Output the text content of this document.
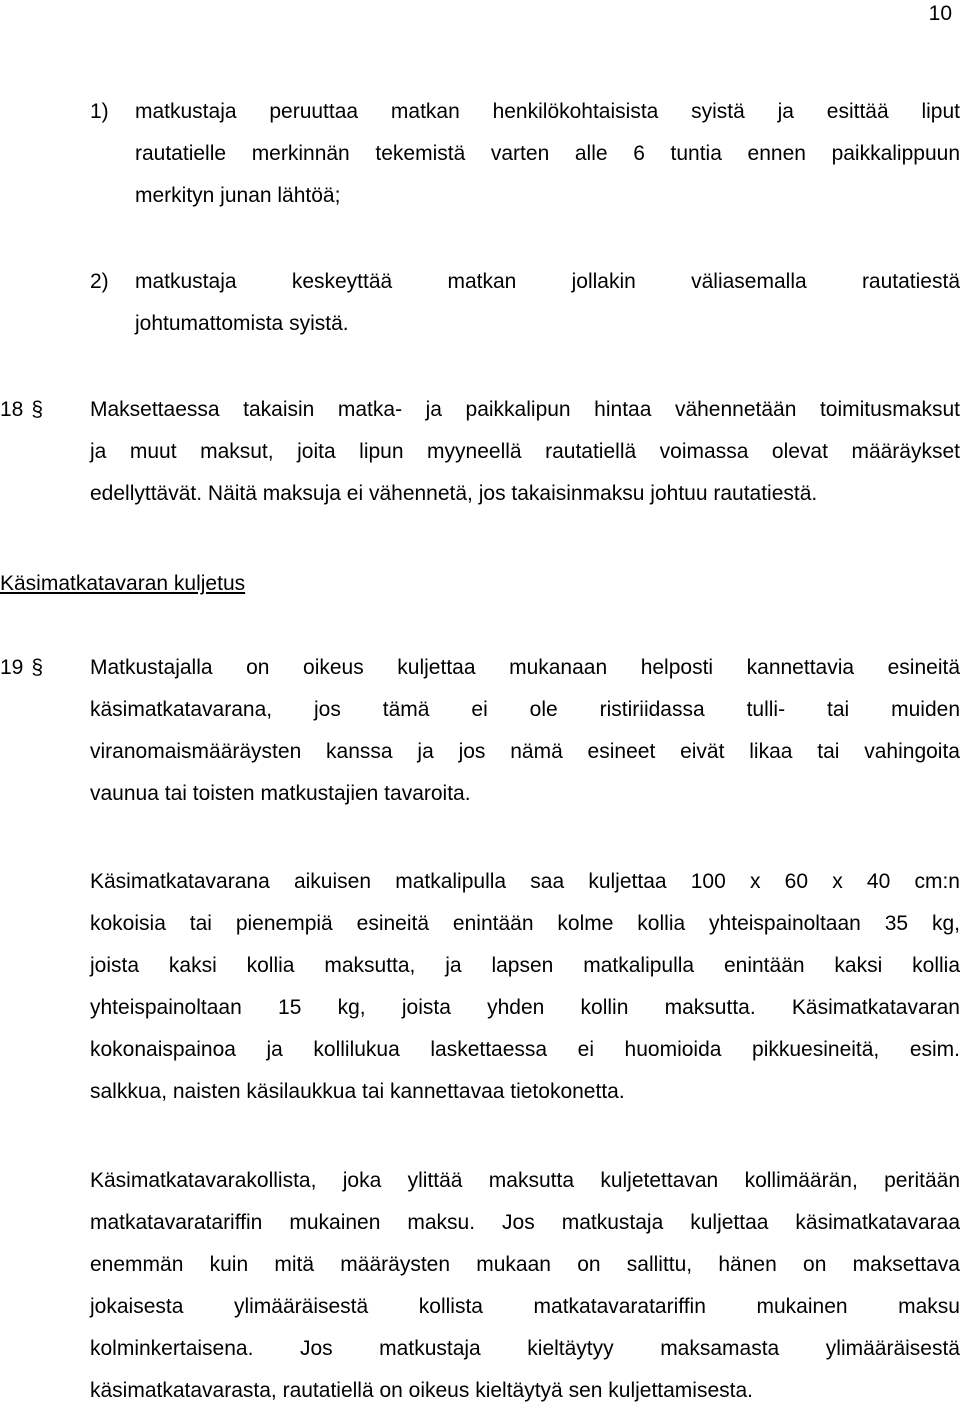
10
1) matkustaja peruuttaa matkan henkilökohtaisista syistä ja esittää liput
rautatielle merkinnän tekemistä varten alle 6 tuntia ennen paikkalippuun
merkityn junan lähtöä;
2) matkustaja keskeyttää matkan jollakin väliasemalla rautatiestä
johtumattomista syistä.
18 § Maksettaessa takaisin matka- ja paikkalipun hintaa vähennetään toimitusmaksut
ja muut maksut, joita lipun myyneellä rautatiellä voimassa olevat määräykset
edellyttävät. Näitä maksuja ei vähennetä, jos takaisinmaksu johtuu rautatiestä.
Käsimatkatavaran kuljetus
19 § Matkustajalla on oikeus kuljettaa mukanaan helposti kannettavia esineitä
käsimatkatavarana, jos tämä ei ole ristiriidassa tulli- tai muiden
viranomaismääräysten kanssa ja jos nämä esineet eivät likaa tai vahingoita
vaunua tai toisten matkustajien tavaroita.
Käsimatkatavarana aikuisen matkalipulla saa kuljettaa 100 x 60 x 40 cm:n
kokoisia tai pienempiä esineitä enintään kolme kollia yhteispainoltaan 35 kg,
joista kaksi kollia maksutta, ja lapsen matkalipulla enintään kaksi kollia
yhteispainoltaan 15 kg, joista yhden kollin maksutta. Käsimatkatavaran
kokonaispainoa ja kollilukua laskettaessa ei huomioida pikkuesineitä, esim.
salkkua, naisten käsilaukkua tai kannettavaa tietokonetta.
Käsimatkatavarakollista, joka ylittää maksutta kuljetettavan kollimäärän, peritään
matkatavaratariffin mukainen maksu. Jos matkustaja kuljettaa käsimatkatavaraa
enemmän kuin mitä määräysten mukaan on sallittu, hänen on maksettava
jokaisesta ylimääräisestä kollista matkatavaratariffin mukainen maksu
kolminkertaisena. Jos matkustaja kieltäytyy maksamasta ylimääräisestä
käsimatkatavarasta, rautatiellä on oikeus kieltäytyä sen kuljettamisesta.
